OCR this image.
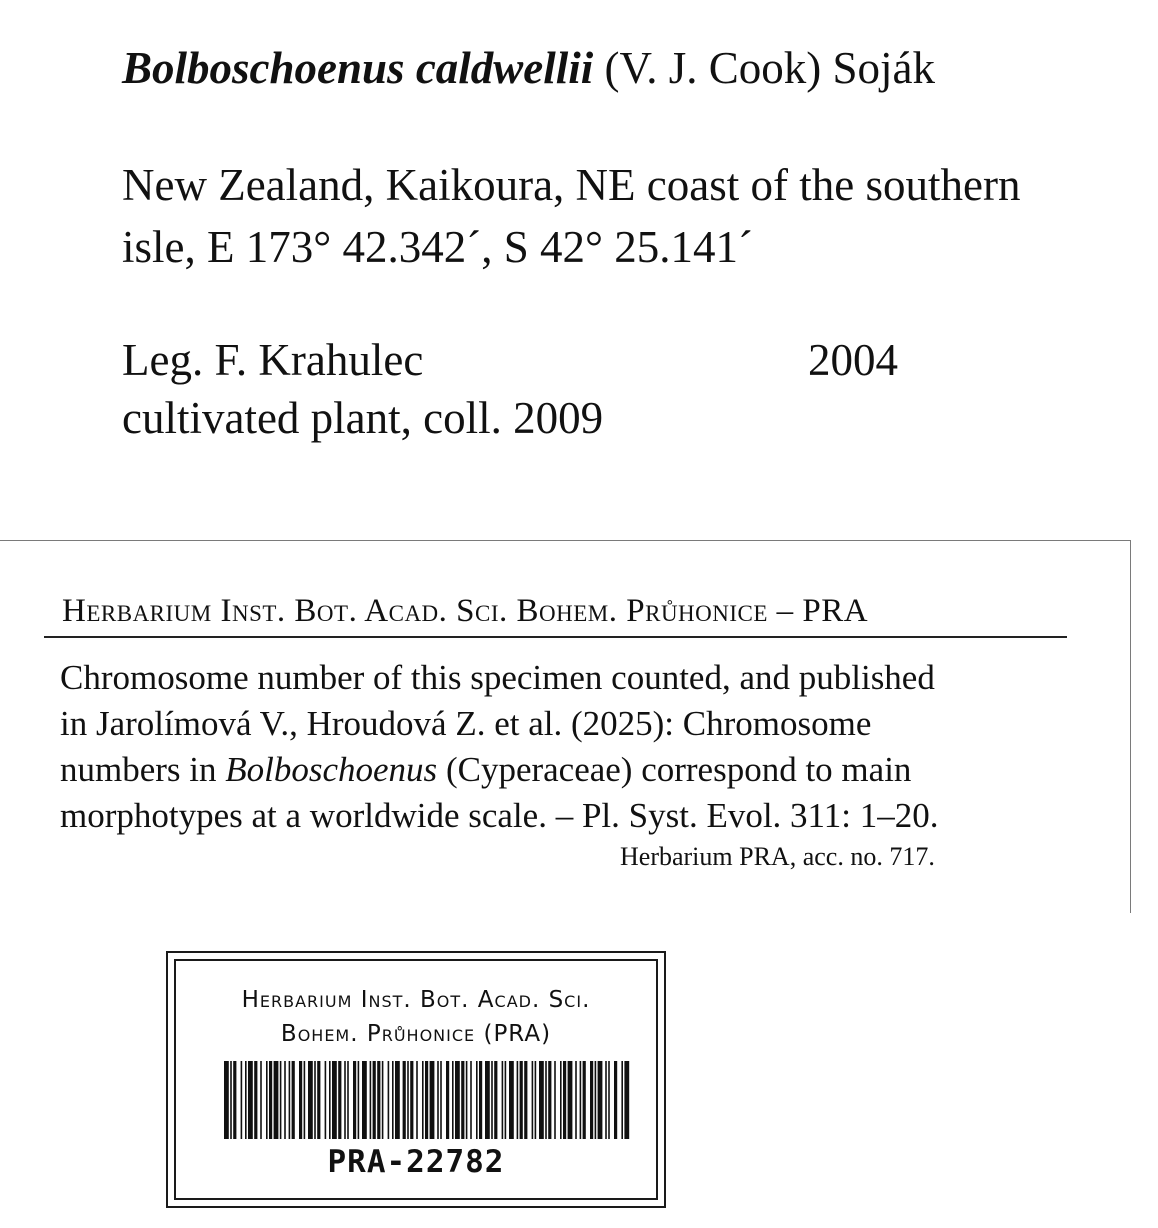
Bolboschoenus caldwellii (V. J. Cook) Soják
New Zealand, Kaikoura, NE coast of the southern
isle, E 173° 42.342´, S 42° 25.141´
Leg. F. Krahulec	2004
cultivated plant, coll. 2009
Herbarium Inst. Bot. Acad. Sci. Bohem. Průhonice – PRA
Chromosome number of this specimen counted, and published
in Jarolímová V., Hroudová Z. et al. (2025): Chromosome
numbers in Bolboschoenus (Cyperaceae) correspond to main
morphotypes at a worldwide scale. – Pl. Syst. Evol. 311: 1–20.
Herbarium PRA, acc. no. 717.
Herbarium Inst. Bot. Acad. Sci.
Bohem. Průhonice (PRA)
PRA-22782
